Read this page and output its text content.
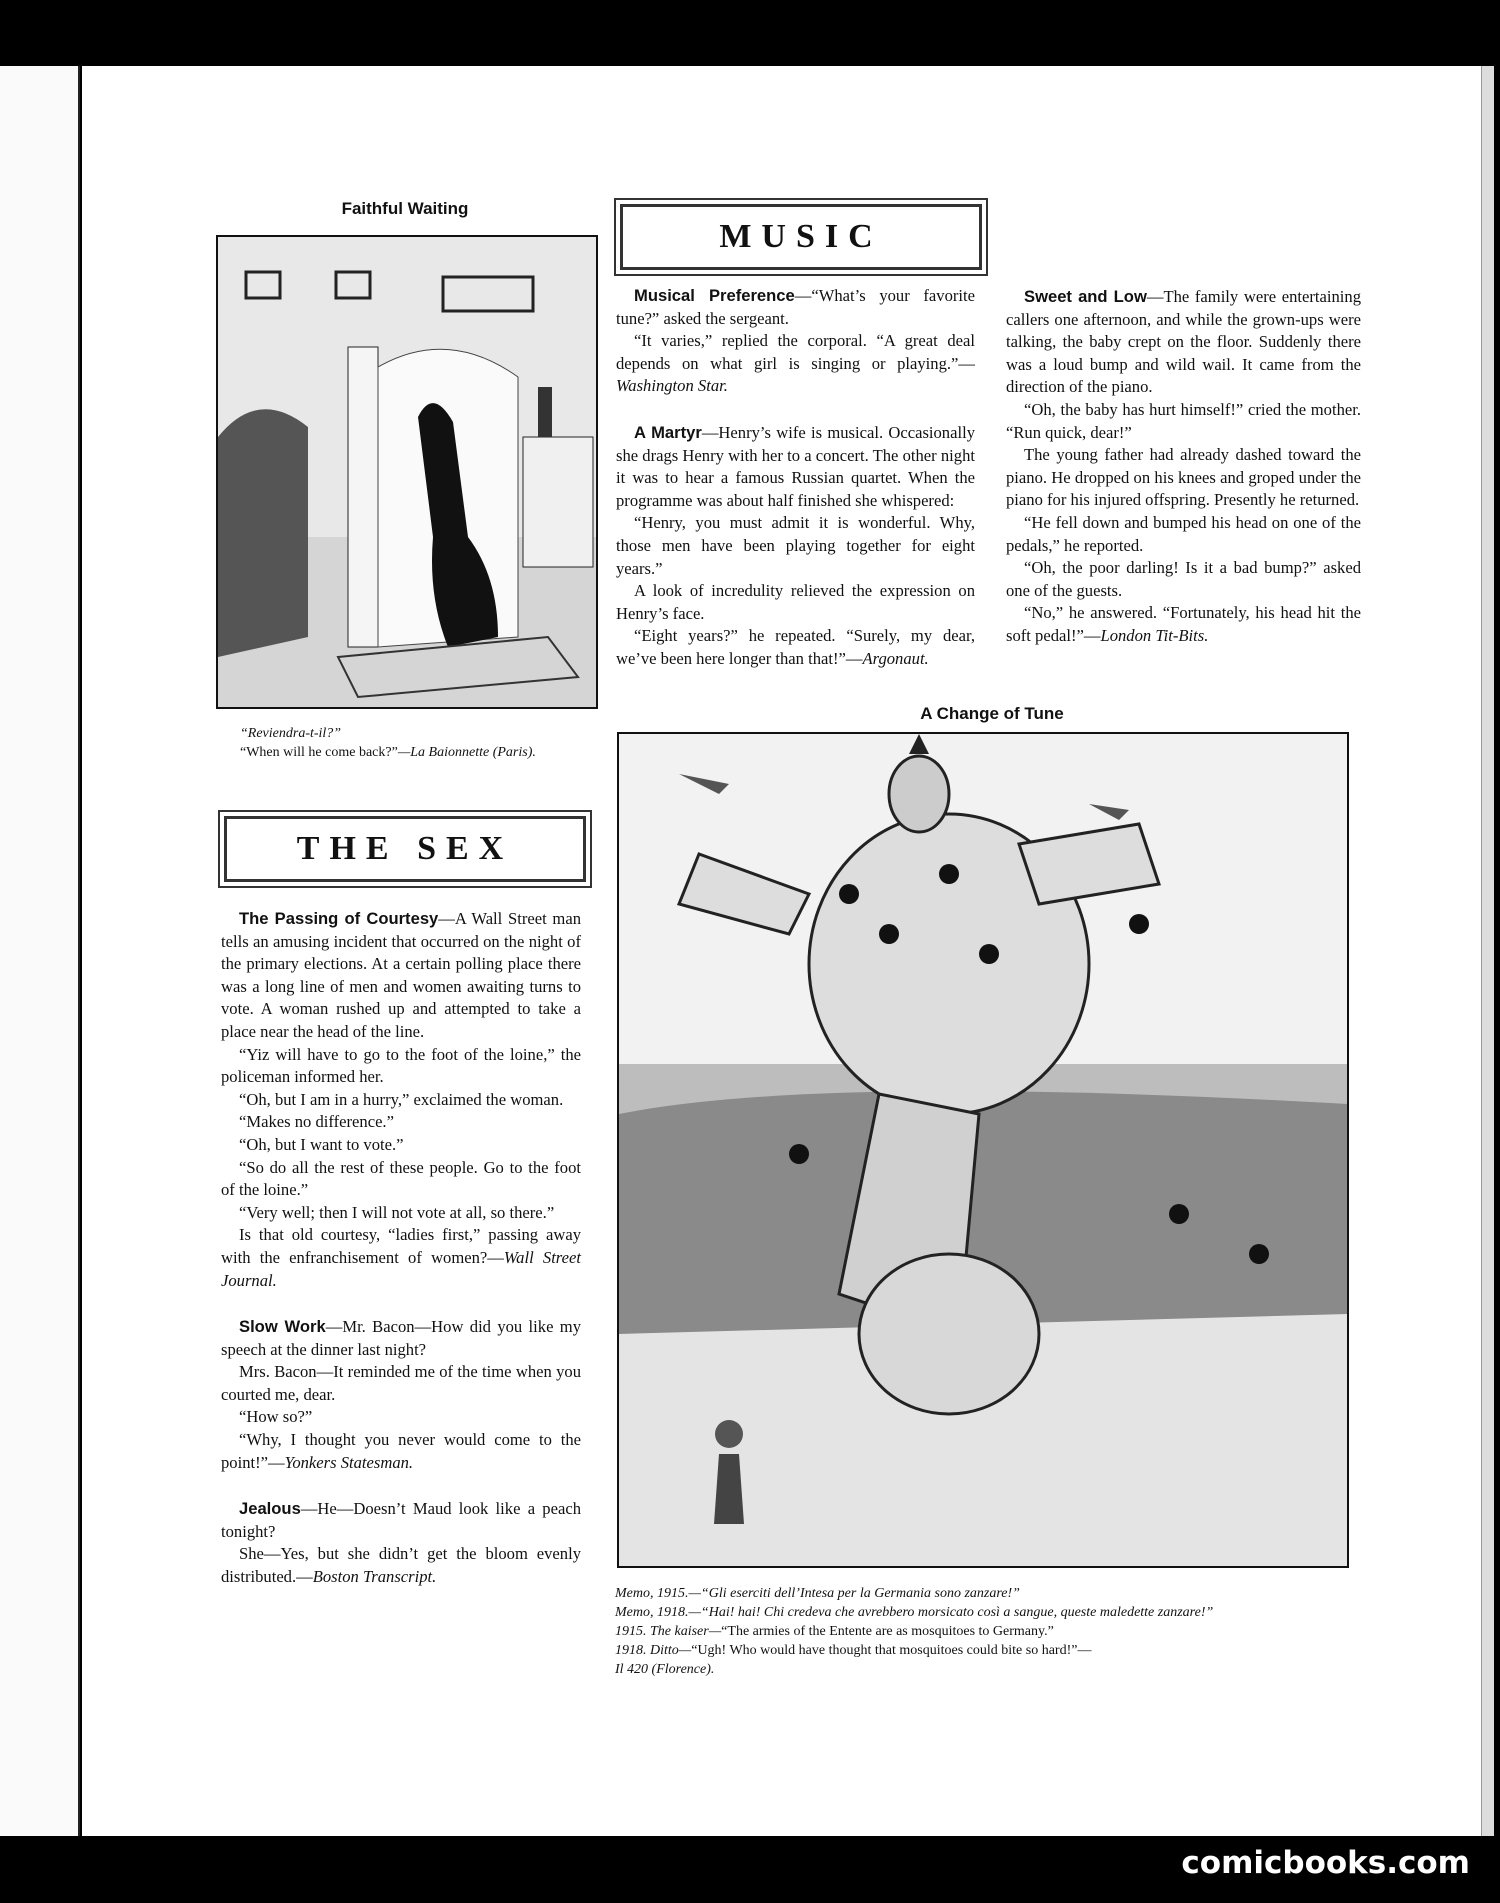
Faithful Waiting
“Reviendra-t-il?”
“When will he come back?”—La Baionnette (Paris).
MUSIC
THE SEX

Musical Preference—“What’s your favorite tune?” asked the sergeant.

“It varies,” replied the corporal. “A great deal depends on what girl is singing or playing.”—Washington Star.

A Martyr—Henry’s wife is musical. Occasionally she drags Henry with her to a concert. The other night it was to hear a famous Russian quartet. When the programme was about half finished she whispered:

“Henry, you must admit it is wonderful. Why, those men have been playing together for eight years.”

A look of incredulity relieved the expression on Henry’s face.

“Eight years?” he repeated. “Surely, my dear, we’ve been here longer than that!”—Argonaut.

Sweet and Low—The family were entertaining callers one afternoon, and while the grown-ups were talking, the baby crept on the floor. Suddenly there was a loud bump and wild wail. It came from the direction of the piano.

“Oh, the baby has hurt himself!” cried the mother. “Run quick, dear!”

The young father had already dashed toward the piano. He dropped on his knees and groped under the piano for his injured offspring. Presently he returned.

“He fell down and bumped his head on one of the pedals,” he reported.

“Oh, the poor darling! Is it a bad bump?” asked one of the guests.

“No,” he answered. “Fortunately, his head hit the soft pedal!”—London Tit-Bits.

The Passing of Courtesy—A Wall Street man tells an amusing incident that occurred on the night of the primary elections. At a certain polling place there was a long line of men and women awaiting turns to vote. A woman rushed up and attempted to take a place near the head of the line.

“Yiz will have to go to the foot of the loine,” the policeman informed her.

“Oh, but I am in a hurry,” exclaimed the woman.

“Makes no difference.”

“Oh, but I want to vote.”

“So do all the rest of these people. Go to the foot of the loine.”

“Very well; then I will not vote at all, so there.”

Is that old courtesy, “ladies first,” passing away with the enfranchisement of women?—Wall Street Journal.

Slow Work—Mr. Bacon—How did you like my speech at the dinner last night?

Mrs. Bacon—It reminded me of the time when you courted me, dear.

“How so?”

“Why, I thought you never would come to the point!”—Yonkers Statesman.

Jealous—He—Doesn’t Maud look like a peach tonight?

She—Yes, but she didn’t get the bloom evenly distributed.—Boston Transcript.

A Change of Tune
Memo, 1915.—“Gli eserciti dell’Intesa per la Germania sono zanzare!”
Memo, 1918.—“Hai! hai! Chi credeva che avrebbero morsicato così a sangue, queste maledette zanzare!”
1915. The kaiser—“The armies of the Entente are as mosquitoes to Germany.”
1918. Ditto—“Ugh! Who would have thought that mosquitoes could bite so hard!”—
Il 420 (Florence).
comicbooks.com
